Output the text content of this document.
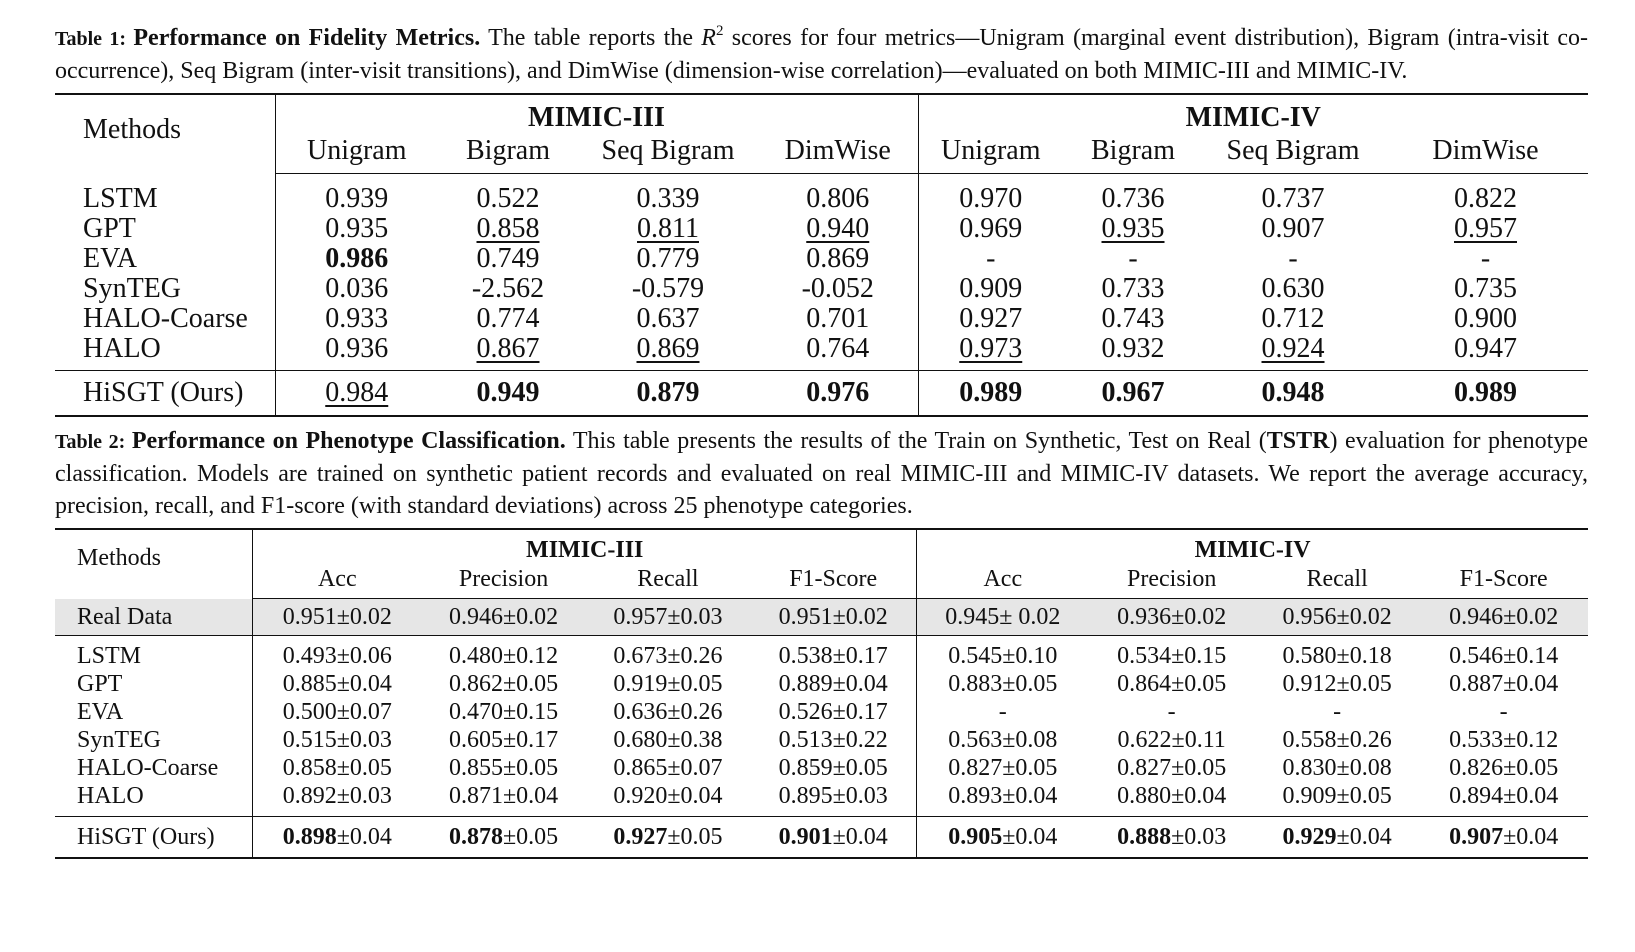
Table 1: Performance on Fidelity Metrics. The table reports the $R^2$ scores for four metrics—Unigram (marginal event distribution), Bigram (intra-visit co-occurrence), Seq Bigram (inter-visit transitions), and DimWise (dimension-wise correlation)—evaluated on both MIMIC-III and MIMIC-IV.

Methods	MIMIC-III				MIMIC-IV			
	Unigram	Bigram	Seq Bigram	DimWise	Unigram	Bigram	Seq Bigram	DimWise
LSTM	0.939	0.522	0.339	0.806	0.970	0.736	0.737	0.822
GPT	0.935	0.858	0.811	0.940	0.969	0.935	0.907	0.957
EVA	0.986	0.749	0.779	0.869	-	-	-	-
SynTEG	0.036	-2.562	-0.579	-0.052	0.909	0.733	0.630	0.735
HALO-Coarse	0.933	0.774	0.637	0.701	0.927	0.743	0.712	0.900
HALO	0.936	0.867	0.869	0.764	0.973	0.932	0.924	0.947
HiSGT (Ours)	0.984	0.949	0.879	0.976	0.989	0.967	0.948	0.989

Table 2: Performance on Phenotype Classification. This table presents the results of the Train on Synthetic, Test on Real (TSTR) evaluation for phenotype classification. Models are trained on synthetic patient records and evaluated on real MIMIC-III and MIMIC-IV datasets. We report the average accuracy, precision, recall, and F1-score (with standard deviations) across 25 phenotype categories.

Methods	MIMIC-III				MIMIC-IV			
	Acc	Precision	Recall	F1-Score	Acc	Precision	Recall	F1-Score
Real Data	0.951±0.02	0.946±0.02	0.957±0.03	0.951±0.02	0.945± 0.02	0.936±0.02	0.956±0.02	0.946±0.02

LSTM	0.493±0.06	0.480±0.12	0.673±0.26	0.538±0.17	0.545±0.10	0.534±0.15	0.580±0.18	0.546±0.14
GPT	0.885±0.04	0.862±0.05	0.919±0.05	0.889±0.04	0.883±0.05	0.864±0.05	0.912±0.05	0.887±0.04
EVA	0.500±0.07	0.470±0.15	0.636±0.26	0.526±0.17	-	-	-	-
SynTEG	0.515±0.03	0.605±0.17	0.680±0.38	0.513±0.22	0.563±0.08	0.622±0.11	0.558±0.26	0.533±0.12
HALO-Coarse	0.858±0.05	0.855±0.05	0.865±0.07	0.859±0.05	0.827±0.05	0.827±0.05	0.830±0.08	0.826±0.05
HALO	0.892±0.03	0.871±0.04	0.920±0.04	0.895±0.03	0.893±0.04	0.880±0.04	0.909±0.05	0.894±0.04
HiSGT (Ours)	0.898±0.04	0.878±0.05	0.927±0.05	0.901±0.04	0.905±0.04	0.888±0.03	0.929±0.04	0.907±0.04
